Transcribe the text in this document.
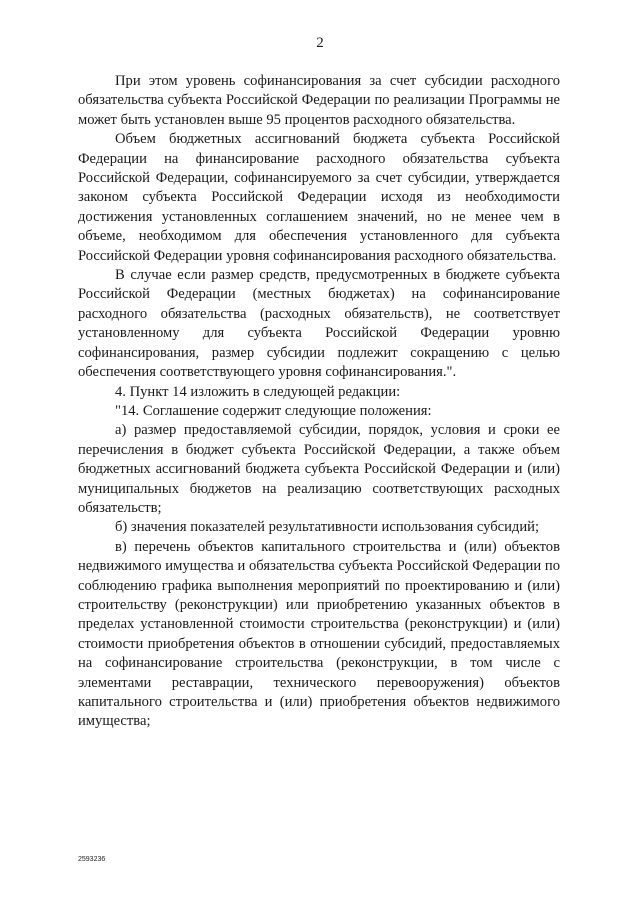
2

При этом уровень софинансирования за счет субсидии расходного обязательства субъекта Российской Федерации по реализации Программы не может быть установлен выше 95 процентов расходного обязательства.

Объем бюджетных ассигнований бюджета субъекта Российской Федерации на финансирование расходного обязательства субъекта Российской Федерации, софинансируемого за счет субсидии, утверждается законом субъекта Российской Федерации исходя из необходимости достижения установленных соглашением значений, но не менее чем в объеме, необходимом для обеспечения установленного для субъекта Российской Федерации уровня софинансирования расходного обязательства.

В случае если размер средств, предусмотренных в бюджете субъекта Российской Федерации (местных бюджетах) на софинансирование расходного обязательства (расходных обязательств), не соответствует установленному для субъекта Российской Федерации уровню софинансирования, размер субсидии подлежит сокращению с целью обеспечения соответствующего уровня софинансирования.".

4. Пункт 14 изложить в следующей редакции:

"14. Соглашение содержит следующие положения:

а) размер предоставляемой субсидии, порядок, условия и сроки ее перечисления в бюджет субъекта Российской Федерации, а также объем бюджетных ассигнований бюджета субъекта Российской Федерации и (или) муниципальных бюджетов на реализацию соответствующих расходных обязательств;

б) значения показателей результативности использования субсидий;

в) перечень объектов капитального строительства и (или) объектов недвижимого имущества и обязательства субъекта Российской Федерации по соблюдению графика выполнения мероприятий по проектированию и (или) строительству (реконструкции) или приобретению указанных объектов в пределах установленной стоимости строительства (реконструкции) и (или) стоимости приобретения объектов в отношении субсидий, предоставляемых на софинансирование строительства (реконструкции, в том числе с элементами реставрации, технического перевооружения) объектов капитального строительства и (или) приобретения объектов недвижимого имущества;

2593236
